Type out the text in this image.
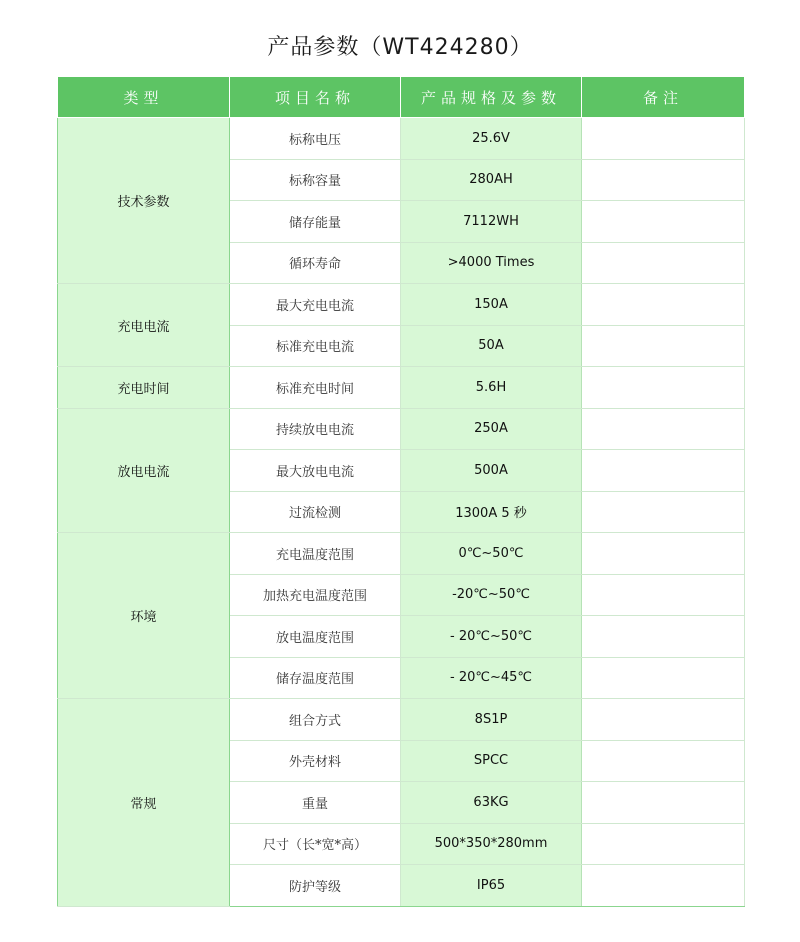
产品参数（WT424280）
类型	项目名称	产品规格及参数	备注
技术参数	标称电压	25.6V	
	标称容量	280AH	
	储存能量	7112WH	
	循环寿命	>4000 Times	
充电电流	最大充电电流	150A	
	标准充电电流	50A	
充电时间	标准充电时间	5.6H	
放电电流	持续放电电流	250A	
	最大放电电流	500A	
	过流检测	1300A 5 秒	
环境	充电温度范围	0℃~50℃	
	加热充电温度范围	-20℃~50℃	
	放电温度范围	- 20℃~50℃	
	储存温度范围	- 20℃~45℃	
常规	组合方式	8S1P	
	外壳材料	SPCC	
	重量	63KG	
	尺寸（长*宽*高）	500*350*280mm	
	防护等级	IP65	
